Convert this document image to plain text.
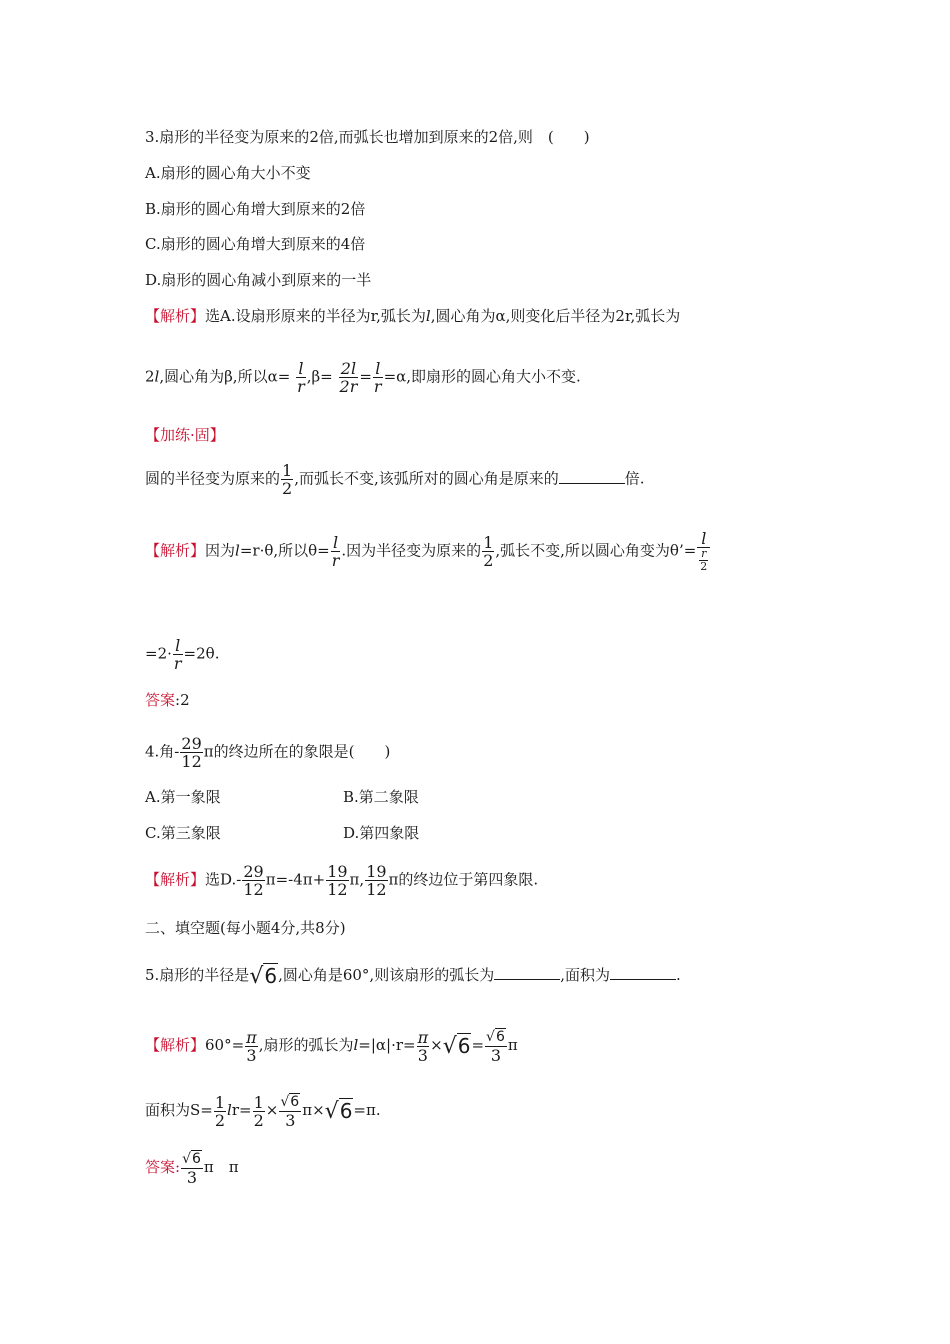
3.扇形的半径变为原来的2倍,而弧长也增加到原来的2倍,则　(　　)
A.扇形的圆心角大小不变
B.扇形的圆心角增大到原来的2倍
C.扇形的圆心角增大到原来的4倍
D.扇形的圆心角减小到原来的一半
【解析】选A.设扇形原来的半径为r,弧长为l,圆心角为α,则变化后半径为2r,弧长为
2l,圆心角为β,所以$\alpha= \frac{l}{r} ,\beta= \frac{2l}{2r} = \frac{l}{r} =\alpha$,即扇形的圆心角大小不变.
【加练·固】
圆的半径变为原来的 $\frac{1}{2}$ ,而弧长不变,该弧所对的圆心角是原来的	倍.
【解析】因为l=r·θ,所以$\theta= \frac{l}{r}$ .因为半径变为原来的 $\frac{1}{2}$ ,弧长不变,所以圆心角变为θ’= $\frac{l}{\frac{r}{2}}$
$=2\cdot \frac{l}{r} =2\theta$.
答案:2
4.角- $\frac{29}{12}$ π的终边所在的象限是(　　)
A.第一象限	B.第二象限
C.第三象限	D.第四象限
【解析】选$D.- \frac{29}{12} \pi=-4\pi+ \frac{19}{12} \pi$, $\frac{19}{12}$ π的终边位于第四象限.
二、填空题(每小题4分,共8分)
5.扇形的半径是√6,圆心角是60°,则该扇形的弧长为	,面积为	.
【解析】$60^\circ= \frac{\pi}{3}$ ,扇形的弧长为$l=|\alpha|\cdot r= \frac{\pi}{3} \times√6= \frac{√6}{3}$ π
面积为$S= \frac{1}{2} lr= \frac{1}{2} \times \frac{√6}{3} \pi\times√6=\pi$.
答案: $\frac{√6}{3}$ π　π
